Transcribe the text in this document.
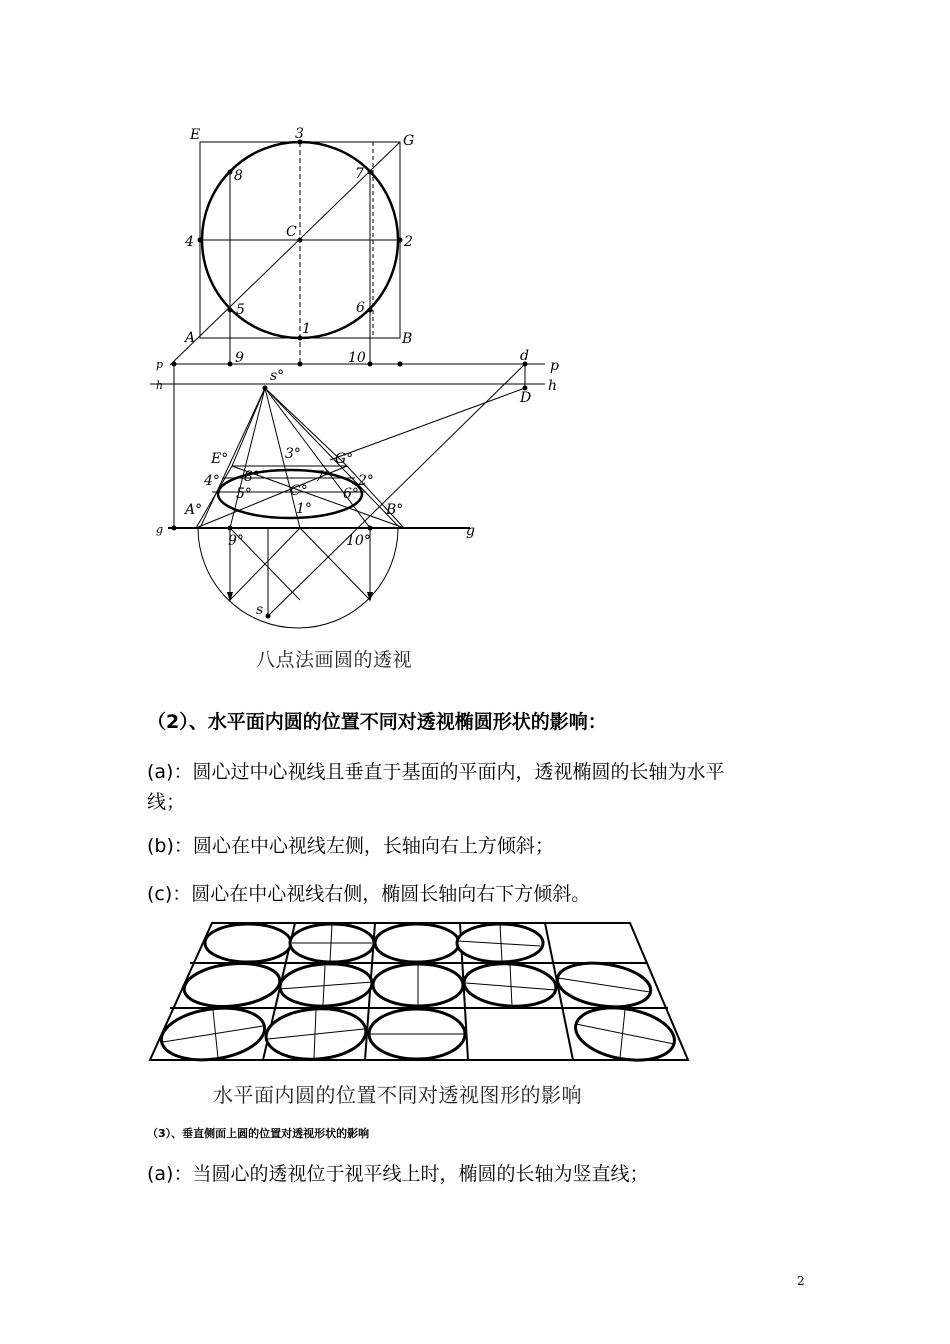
E	3	G
8	7
4
C
2
5	6
1
A	B
9	10	d
p
p
h	h
D
s°
E°	3° G°
4° 8°	7° 2°
5°	C°	6°
1°
A°	B°
g	g
9°	10°
s
八点法画圆的透视
（2）、水平面内圆的位置不同对透视椭圆形状的影响：
(a)：圆心过中心视线且垂直于基面的平面内，透视椭圆的长轴为水平
线；
(b)：圆心在中心视线左侧，长轴向右上方倾斜；
(c)：圆心在中心视线右侧，椭圆长轴向右下方倾斜。
水平面内圆的位置不同对透视图形的影响
（3）、垂直侧面上圆的位置对透视形状的影响
(a)：当圆心的透视位于视平线上时，椭圆的长轴为竖直线；
2
